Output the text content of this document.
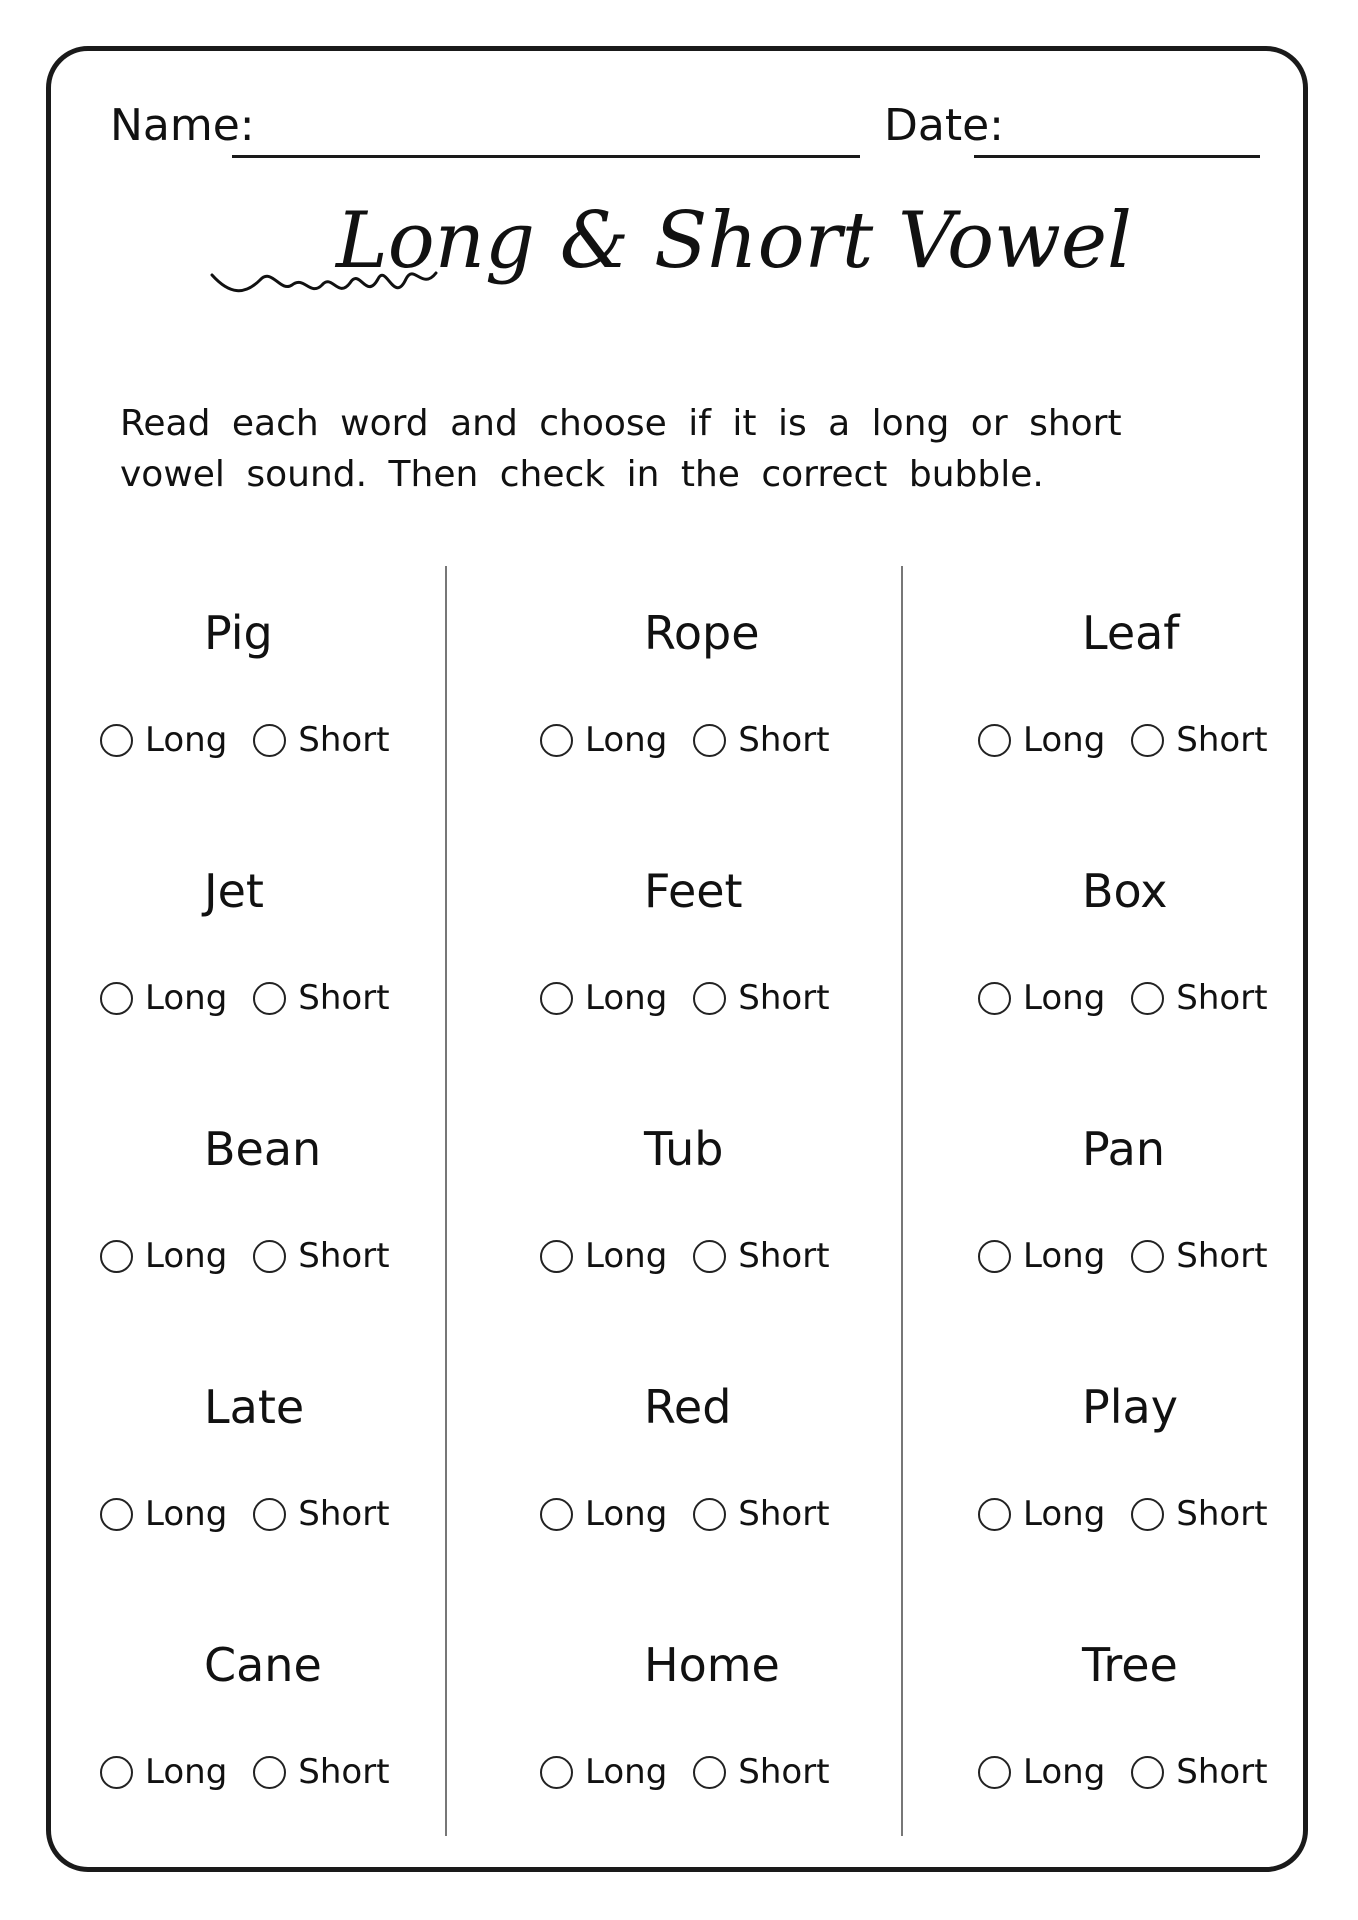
Name:	Date:
Long & Short Vowel
Read each word and choose if it is a long or short vowel sound. Then check in the correct bubble.
Pig
Long Short
Jet
Long Short
Bean
Long Short
Late
Long Short
Cane
Long Short
Rope
Long Short
Feet
Long Short
Tub
Long Short
Red
Long Short
Home
Long Short
Leaf
Long Short
Box
Long Short
Pan
Long Short
Play
Long Short
Tree
Long Short
